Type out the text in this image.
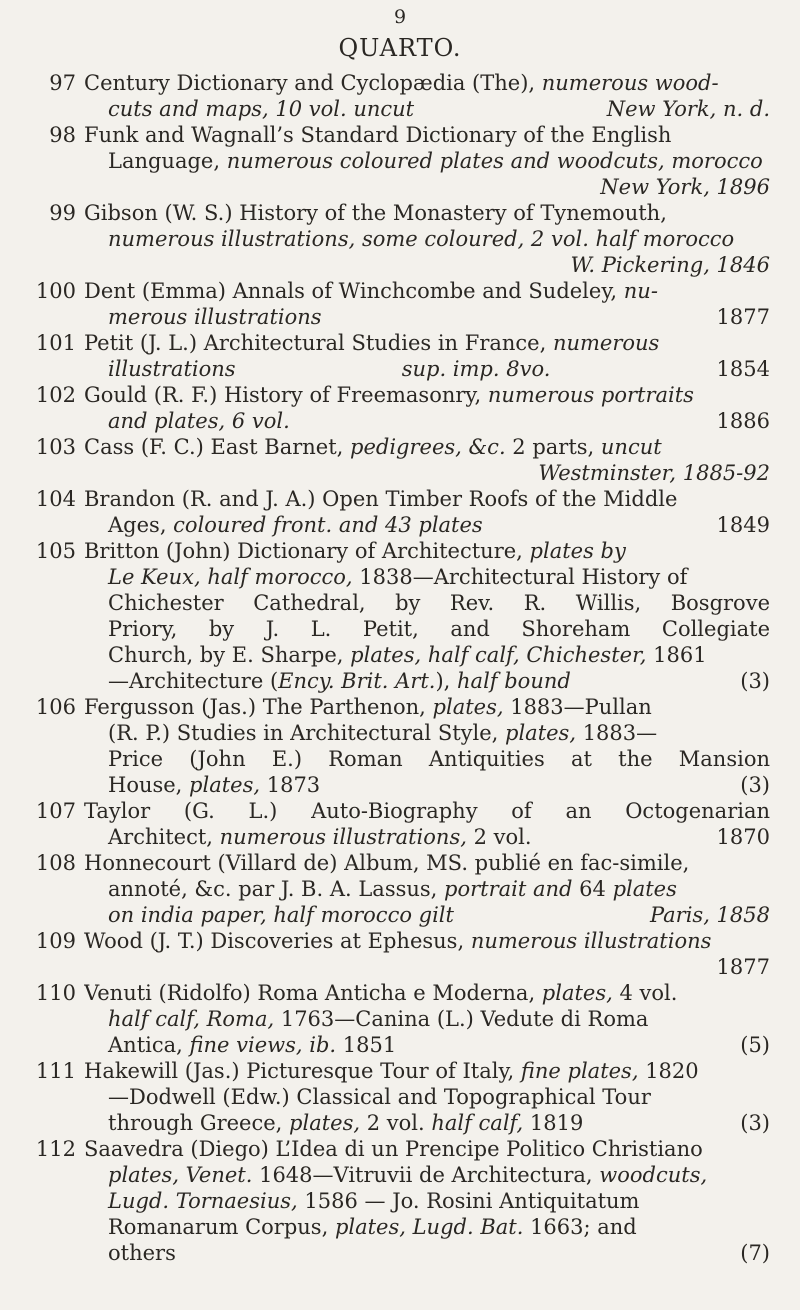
9
QUARTO.
97 Century Dictionary and Cyclopædia (The), numerous wood-
cuts and maps, 10 vol. uncut	New York, n. d.
98 Funk and Wagnall’s Standard Dictionary of the English
Language, numerous coloured plates and woodcuts, morocco
New York, 1896
99 Gibson (W. S.) History of the Monastery of Tynemouth,
numerous illustrations, some coloured, 2 vol. half morocco
W. Pickering, 1846
100 Dent (Emma) Annals of Winchcombe and Sudeley, nu-
merous illustrations	1877
101 Petit (J. L.) Architectural Studies in France, numerous
illustrations	sup. imp. 8vo.	1854
102 Gould (R. F.) History of Freemasonry, numerous portraits
and plates, 6 vol.	1886
103 Cass (F. C.) East Barnet, pedigrees, &c. 2 parts, uncut
Westminster, 1885-92
104 Brandon (R. and J. A.) Open Timber Roofs of the Middle
Ages, coloured front. and 43 plates	1849
105 Britton (John) Dictionary of Architecture, plates by
Le Keux, half morocco, 1838—Architectural History of
Chichester Cathedral, by Rev. R. Willis, Bosgrove
Priory, by J. L. Petit, and Shoreham Collegiate
Church, by E. Sharpe, plates, half calf, Chichester, 1861
—Architecture (Ency. Brit. Art.), half bound	(3)
106 Fergusson (Jas.) The Parthenon, plates, 1883—Pullan
(R. P.) Studies in Architectural Style, plates, 1883—
Price (John E.) Roman Antiquities at the Mansion
House, plates, 1873	(3)
107 Taylor (G. L.) Auto-Biography of an Octogenarian
Architect, numerous illustrations, 2 vol.	1870
108 Honnecourt (Villard de) Album, MS. publié en fac-simile,
annoté, &c. par J. B. A. Lassus, portrait and 64 plates
on india paper, half morocco gilt	Paris, 1858
109 Wood (J. T.) Discoveries at Ephesus, numerous illustrations
1877
110 Venuti (Ridolfo) Roma Anticha e Moderna, plates, 4 vol.
half calf, Roma, 1763—Canina (L.) Vedute di Roma
Antica, fine views, ib. 1851	(5)
111 Hakewill (Jas.) Picturesque Tour of Italy, fine plates, 1820
—Dodwell (Edw.) Classical and Topographical Tour
through Greece, plates, 2 vol. half calf, 1819	(3)
112 Saavedra (Diego) L’Idea di un Prencipe Politico Christiano
plates, Venet. 1648—Vitruvii de Architectura, woodcuts,
Lugd. Tornaesius, 1586 — Jo. Rosini Antiquitatum
Romanarum Corpus, plates, Lugd. Bat. 1663; and
others	(7)
